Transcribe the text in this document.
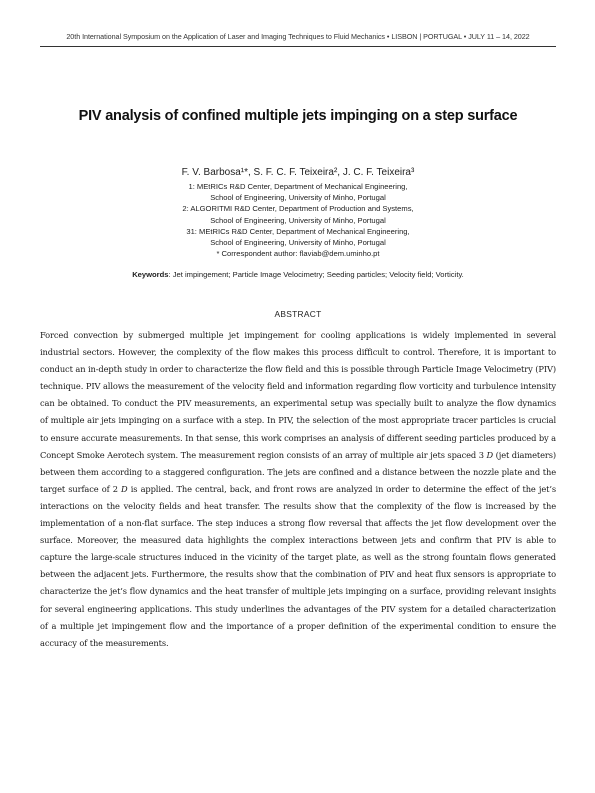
20th International Symposium on the Application of Laser and Imaging Techniques to Fluid Mechanics • LISBON | PORTUGAL • JULY 11 – 14, 2022
PIV analysis of confined multiple jets impinging on a step surface
F. V. Barbosa¹*, S. F. C. F. Teixeira², J. C. F. Teixeira³
1: MEtRICs R&D Center, Department of Mechanical Engineering,
School of Engineering, University of Minho, Portugal
2: ALGORITMI R&D Center, Department of Production and Systems,
School of Engineering, University of Minho, Portugal
31: MEtRICs R&D Center, Department of Mechanical Engineering,
School of Engineering, University of Minho, Portugal
* Correspondent author: flaviab@dem.uminho.pt
Keywords: Jet impingement; Particle Image Velocimetry; Seeding particles; Velocity field; Vorticity.
ABSTRACT
Forced convection by submerged multiple jet impingement for cooling applications is widely implemented in several industrial sectors. However, the complexity of the flow makes this process difficult to control. Therefore, it is important to conduct an in-depth study in order to characterize the flow field and this is possible through Particle Image Velocimetry (PIV) technique. PIV allows the measurement of the velocity field and information regarding flow vorticity and turbulence intensity can be obtained. To conduct the PIV measurements, an experimental setup was specially built to analyze the flow dynamics of multiple air jets impinging on a surface with a step. In PIV, the selection of the most appropriate tracer particles is crucial to ensure accurate measurements. In that sense, this work comprises an analysis of different seeding particles produced by a Concept Smoke Aerotech system. The measurement region consists of an array of multiple air jets spaced 3 D (jet diameters) between them according to a staggered configuration. The jets are confined and a distance between the nozzle plate and the target surface of 2 D is applied. The central, back, and front rows are analyzed in order to determine the effect of the jet’s interactions on the velocity fields and heat transfer. The results show that the complexity of the flow is increased by the implementation of a non-flat surface. The step induces a strong flow reversal that affects the jet flow development over the surface. Moreover, the measured data highlights the complex interactions between jets and confirm that PIV is able to capture the large-scale structures induced in the vicinity of the target plate, as well as the strong fountain flows generated between the adjacent jets. Furthermore, the results show that the combination of PIV and heat flux sensors is appropriate to characterize the jet’s flow dynamics and the heat transfer of multiple jets impinging on a surface, providing relevant insights for several engineering applications. This study underlines the advantages of the PIV system for a detailed characterization of a multiple jet impingement flow and the importance of a proper definition of the experimental condition to ensure the accuracy of the measurements.
